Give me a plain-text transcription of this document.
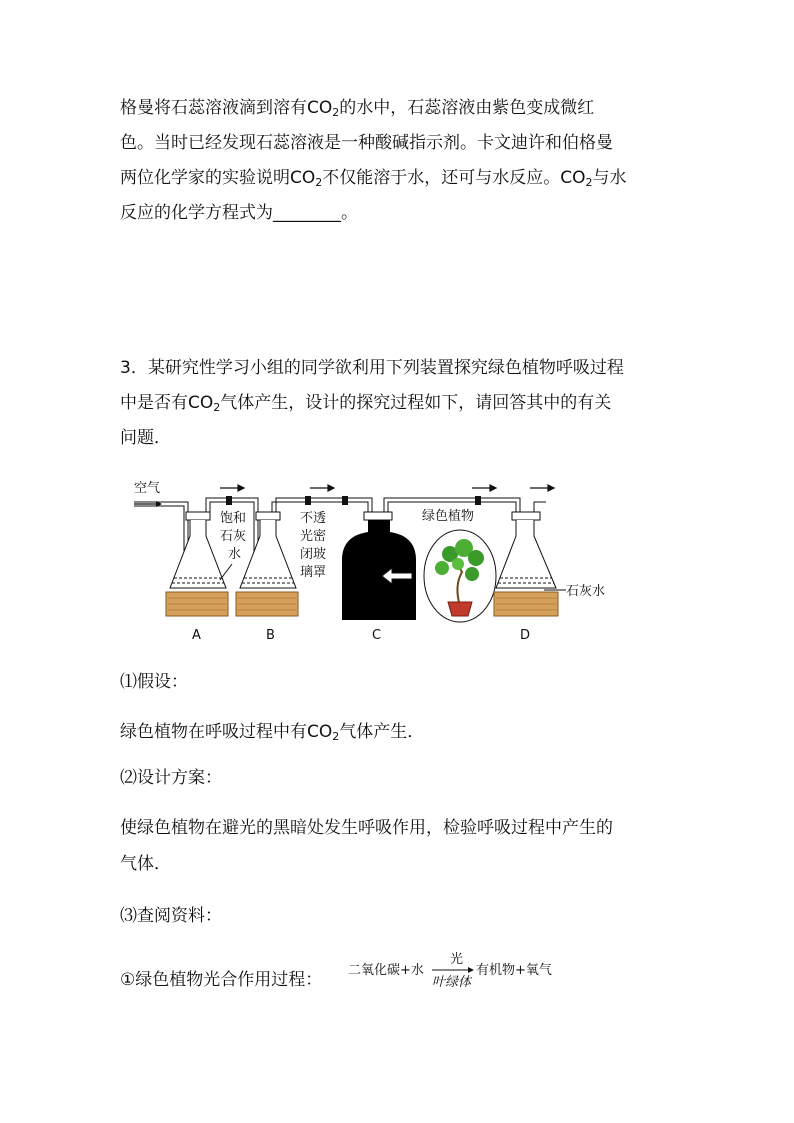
格曼将石蕊溶液滴到溶有$CO_2$的水中，石蕊溶液由紫色变成微红
色。当时已经发现石蕊溶液是一种酸碱指示剂。卡文迪许和伯格曼
两位化学家的实验说明$CO_2$不仅能溶于水，还可与水反应。$CO_2$与水
反应的化学方程式为________。
3．某研究性学习小组的同学欲利用下列装置探究绿色植物呼吸过程
中是否有$CO_2$气体产生，设计的探究过程如下，请回答其中的有关
问题．
空气
A	B
饱和
石灰
水
不透
光密
闭玻
璃罩
C
绿色植物
D
石灰水
⑴假设：
绿色植物在呼吸过程中有$CO_2$气体产生．
⑵设计方案：
使绿色植物在避光的黑暗处发生呼吸作用，检验呼吸过程中产生的
气体．
⑶查阅资料：
①绿色植物光合作用过程： 二氧化碳+水
光
叶绿体
有机物+氧气
